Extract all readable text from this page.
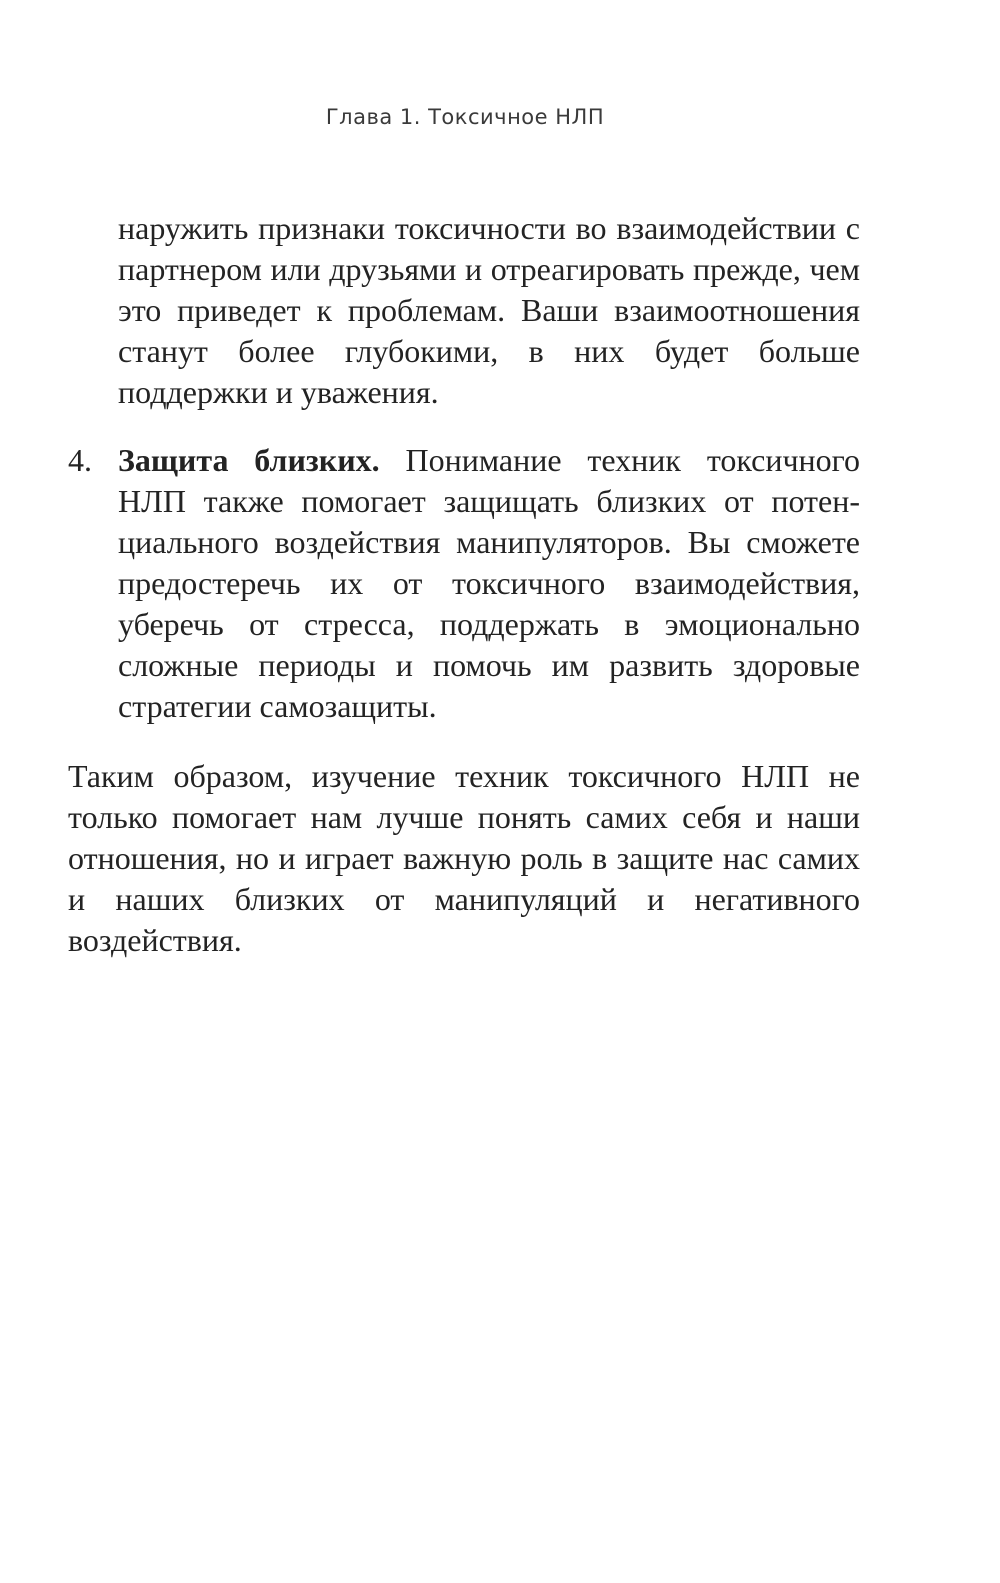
Глава 1. Токсичное НЛП

наружить признаки токсичности во взаимодействии с партнером или друзьями и отреагировать прежде, чем это приведет к проблемам. Ваши взаимоотношения станут более глубокими, в них будет больше поддержки и уважения.

4. Защита близких. Понимание техник токсичного НЛП также помогает защищать близких от потенциального воздействия манипуляторов. Вы сможете предостеречь их от токсичного взаимодействия, уберечь от стресса, поддержать в эмоционально сложные периоды и помочь им развить здоровые стратегии самозащиты.

Таким образом, изучение техник токсичного НЛП не только помогает нам лучше понять самих себя и наши отношения, но и играет важную роль в защите нас самих и наших близких от манипуляций и негативного воздействия.
